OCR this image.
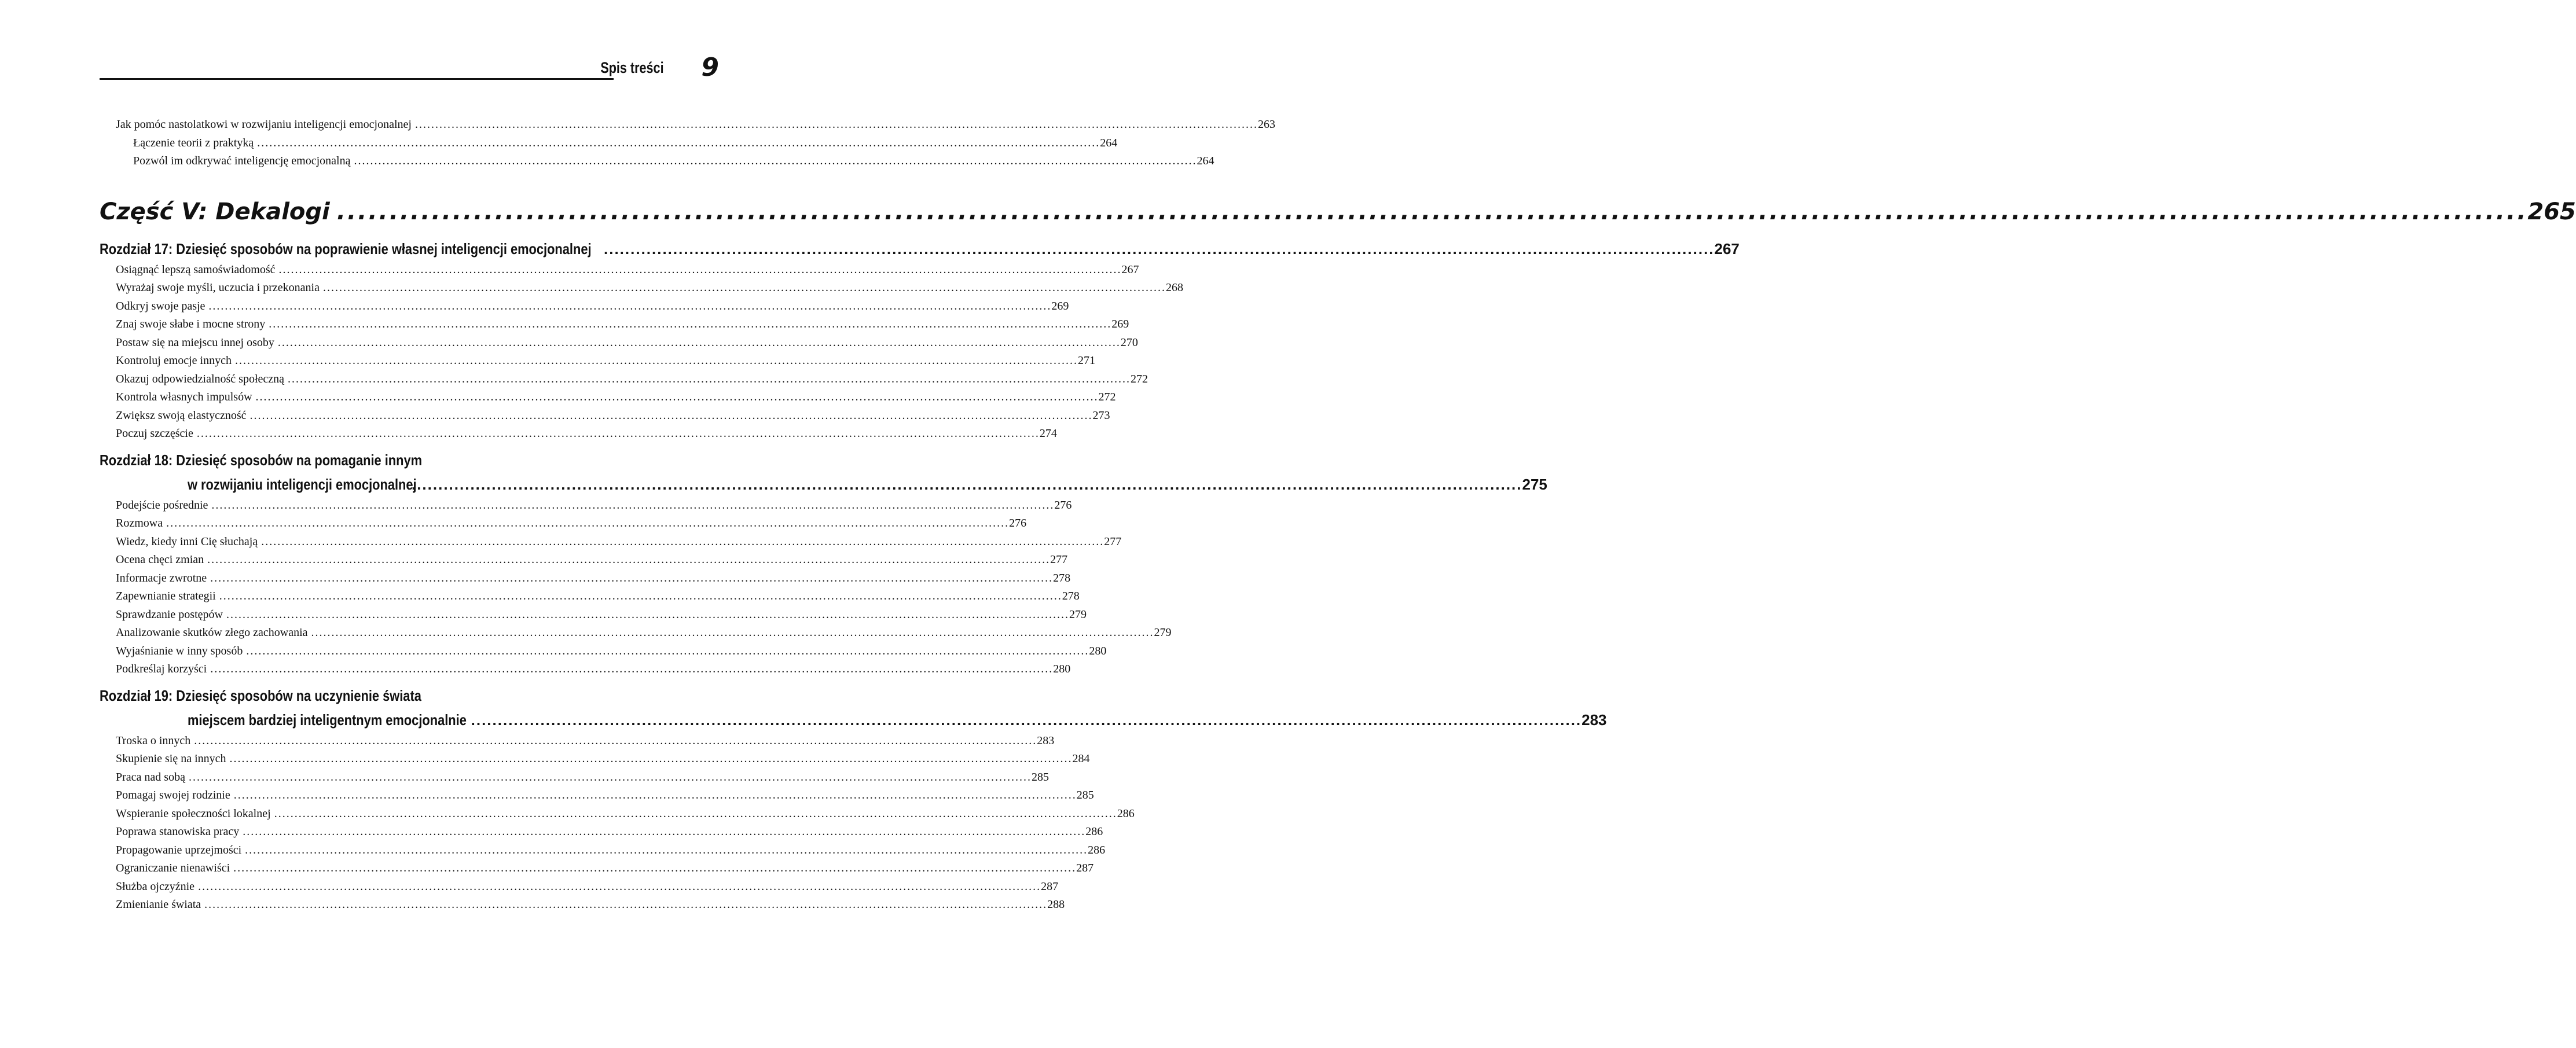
Spis treści	9
Jak pomóc nastolatkowi w rozwijaniu inteligencji emocjonalnej ................................................................................................................................................................................................................ 263
Łączenie teorii z praktyką ................................................................................................................................................................................................................ 264
Pozwól im odkrywać inteligencję emocjonalną ................................................................................................................................................................................................................ 264
Część V: Dekalogi ................................................................................................................................................................................................................ 265
Rozdział 17: Dziesięć sposobów na poprawienie własnej inteligencji emocjonalnej ................................................................................................................................................................................................................ 267
Osiągnąć lepszą samoświadomość ................................................................................................................................................................................................................ 267
Wyrażaj swoje myśli, uczucia i przekonania ................................................................................................................................................................................................................ 268
Odkryj swoje pasje ................................................................................................................................................................................................................ 269
Znaj swoje słabe i mocne strony ................................................................................................................................................................................................................ 269
Postaw się na miejscu innej osoby ................................................................................................................................................................................................................ 270
Kontroluj emocje innych ................................................................................................................................................................................................................ 271
Okazuj odpowiedzialność społeczną ................................................................................................................................................................................................................ 272
Kontrola własnych impulsów ................................................................................................................................................................................................................ 272
Zwiększ swoją elastyczność ................................................................................................................................................................................................................ 273
Poczuj szczęście ................................................................................................................................................................................................................ 274
Rozdział 18: Dziesięć sposobów na pomaganie innym
w rozwijaniu inteligencji emocjonalnej
................................................................................................................................................................................................................ 275
Podejście pośrednie ................................................................................................................................................................................................................ 276
Rozmowa ................................................................................................................................................................................................................ 276
Wiedz, kiedy inni Cię słuchają ................................................................................................................................................................................................................ 277
Ocena chęci zmian ................................................................................................................................................................................................................ 277
Informacje zwrotne ................................................................................................................................................................................................................ 278
Zapewnianie strategii ................................................................................................................................................................................................................ 278
Sprawdzanie postępów ................................................................................................................................................................................................................ 279
Analizowanie skutków złego zachowania ................................................................................................................................................................................................................ 279
Wyjaśnianie w inny sposób ................................................................................................................................................................................................................ 280
Podkreślaj korzyści ................................................................................................................................................................................................................ 280
Rozdział 19: Dziesięć sposobów na uczynienie świata
miejscem bardziej inteligentnym emocjonalnie ................................................................................................................................................................................................................ 283
Troska o innych ................................................................................................................................................................................................................ 283
Skupienie się na innych ................................................................................................................................................................................................................ 284
Praca nad sobą ................................................................................................................................................................................................................ 285
Pomagaj swojej rodzinie ................................................................................................................................................................................................................ 285
Wspieranie społeczności lokalnej ................................................................................................................................................................................................................ 286
Poprawa stanowiska pracy ................................................................................................................................................................................................................ 286
Propagowanie uprzejmości ................................................................................................................................................................................................................ 286
Ograniczanie nienawiści ................................................................................................................................................................................................................ 287
Służba ojczyźnie ................................................................................................................................................................................................................ 287
Zmienianie świata ................................................................................................................................................................................................................ 288
